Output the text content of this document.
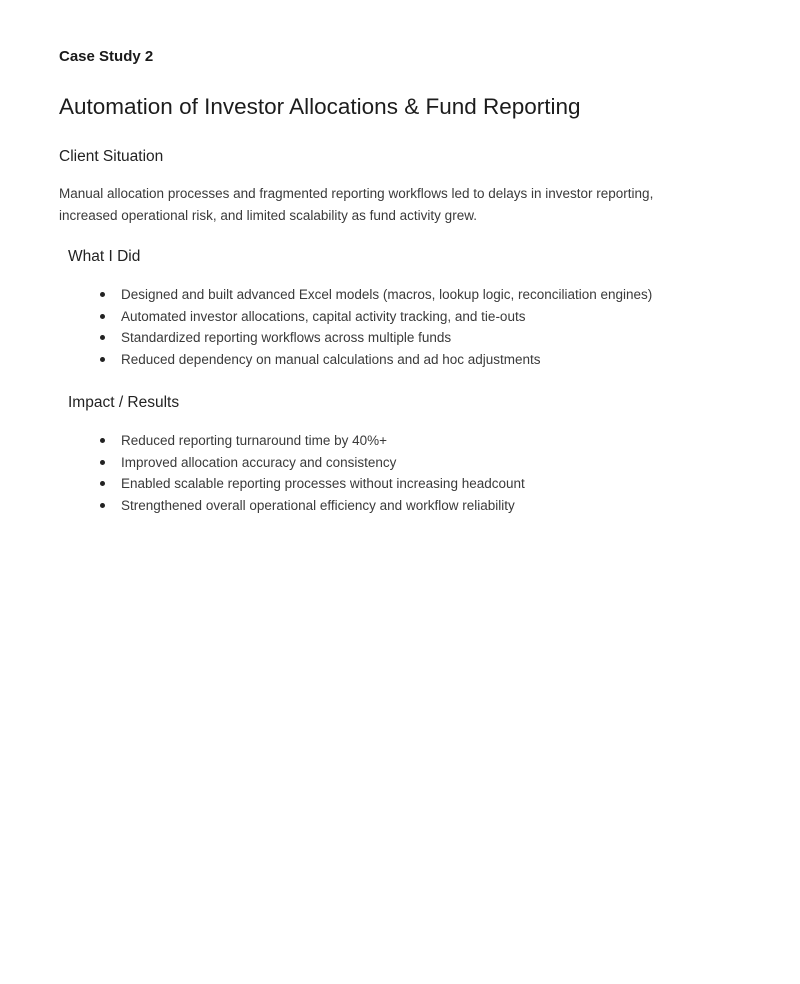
Case Study 2

Automation of Investor Allocations & Fund Reporting
Client Situation

Manual allocation processes and fragmented reporting workflows led to delays in investor reporting, increased operational risk, and limited scalability as fund activity grew.

What I Did
Designed and built advanced Excel models (macros, lookup logic, reconciliation engines)
Automated investor allocations, capital activity tracking, and tie-outs
Standardized reporting workflows across multiple funds
Reduced dependency on manual calculations and ad hoc adjustments
Impact / Results
Reduced reporting turnaround time by 40%+
Improved allocation accuracy and consistency
Enabled scalable reporting processes without increasing headcount
Strengthened overall operational efficiency and workflow reliability
